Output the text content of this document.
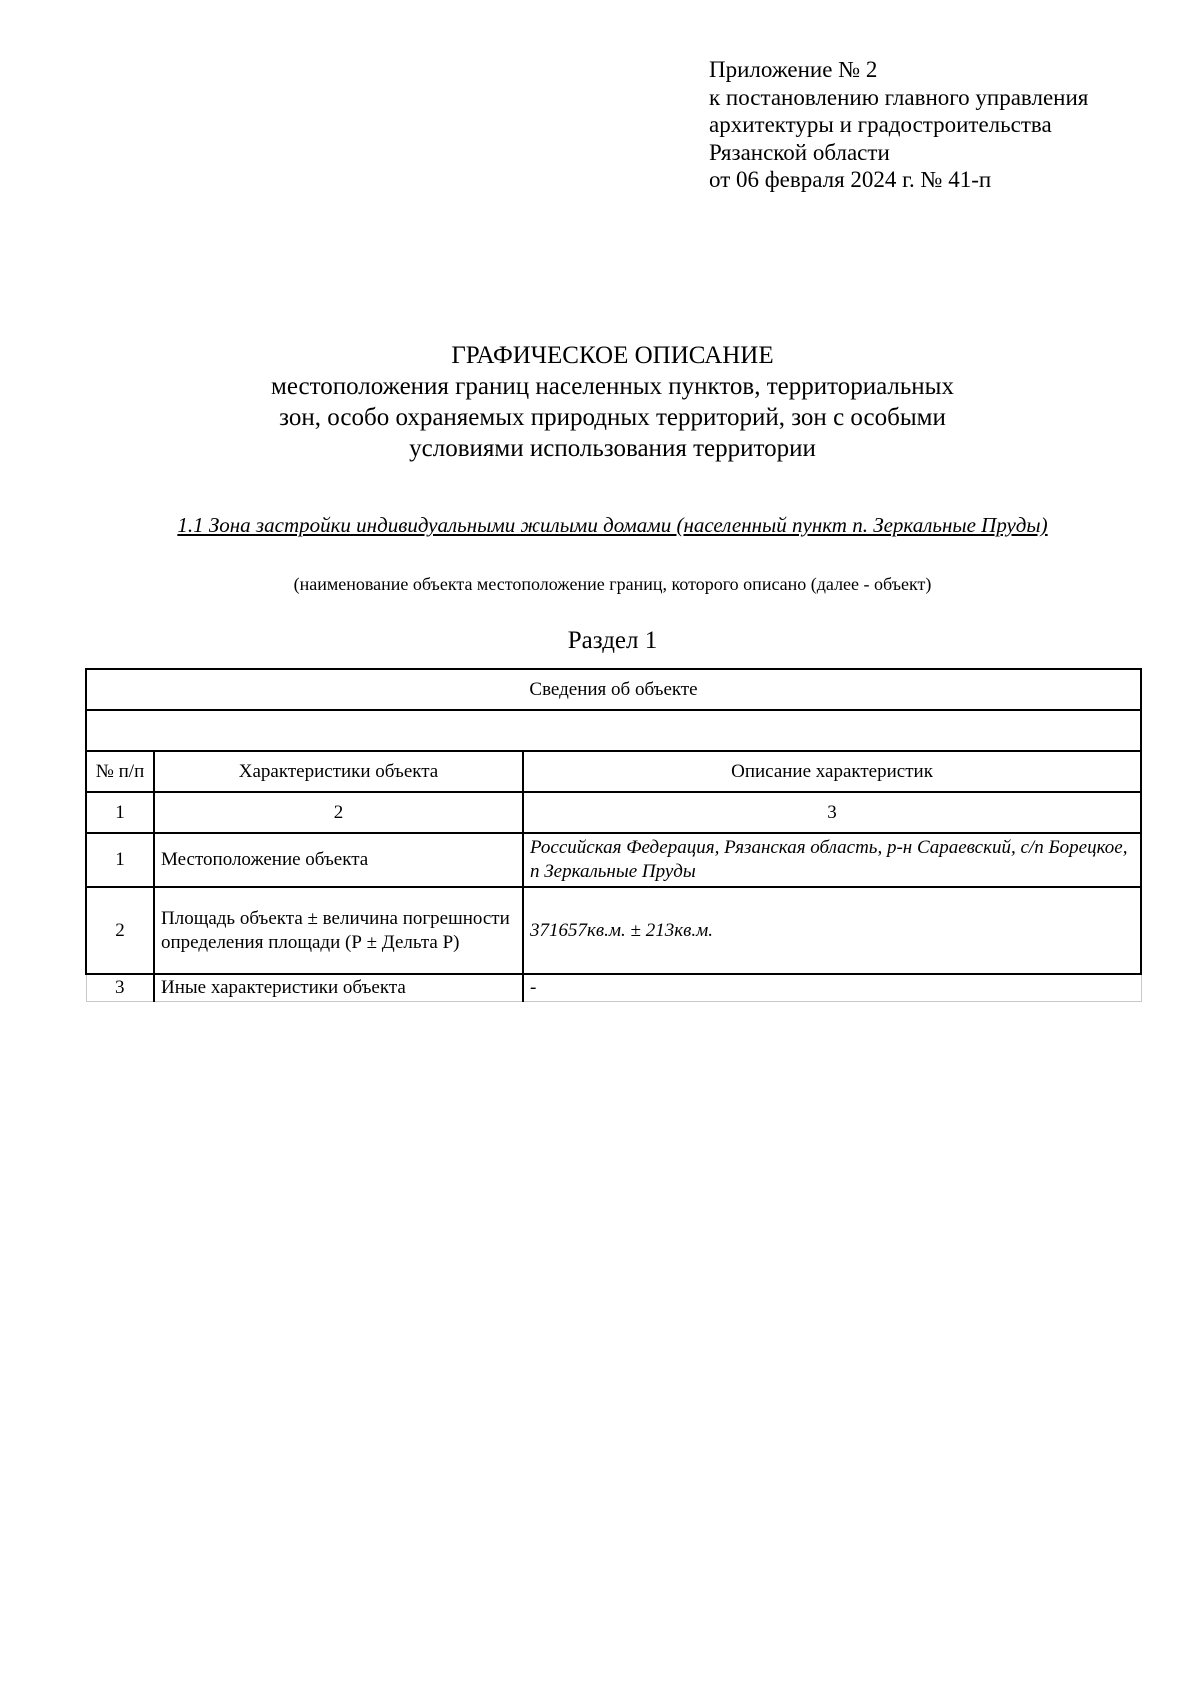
Приложение № 2
к постановлению главного управления
архитектуры и градостроительства
Рязанской области
от 06 февраля 2024 г. № 41-п
ГРАФИЧЕСКОЕ ОПИСАНИЕ
местоположения границ населенных пунктов, территориальных
зон, особо охраняемых природных территорий, зон с особыми
условиями использования территории
1.1 Зона застройки индивидуальными жилыми домами (населенный пункт п. Зеркальные Пруды)
(наименование объекта местоположение границ, которого описано (далее - объект)
Раздел 1
Сведения об объекте		

№ п/п	Характеристики объекта	Описание характеристик
1	2	3
1	Местоположение объекта	Российская Федерация, Рязанская область, р-н Сараевский, с/п Борецкое, п Зеркальные Пруды
2	Площадь объекта ± величина погрешности определения площади (Р ± Дельта Р)	371657кв.м. ± 213кв.м.
3	Иные характеристики объекта	-
